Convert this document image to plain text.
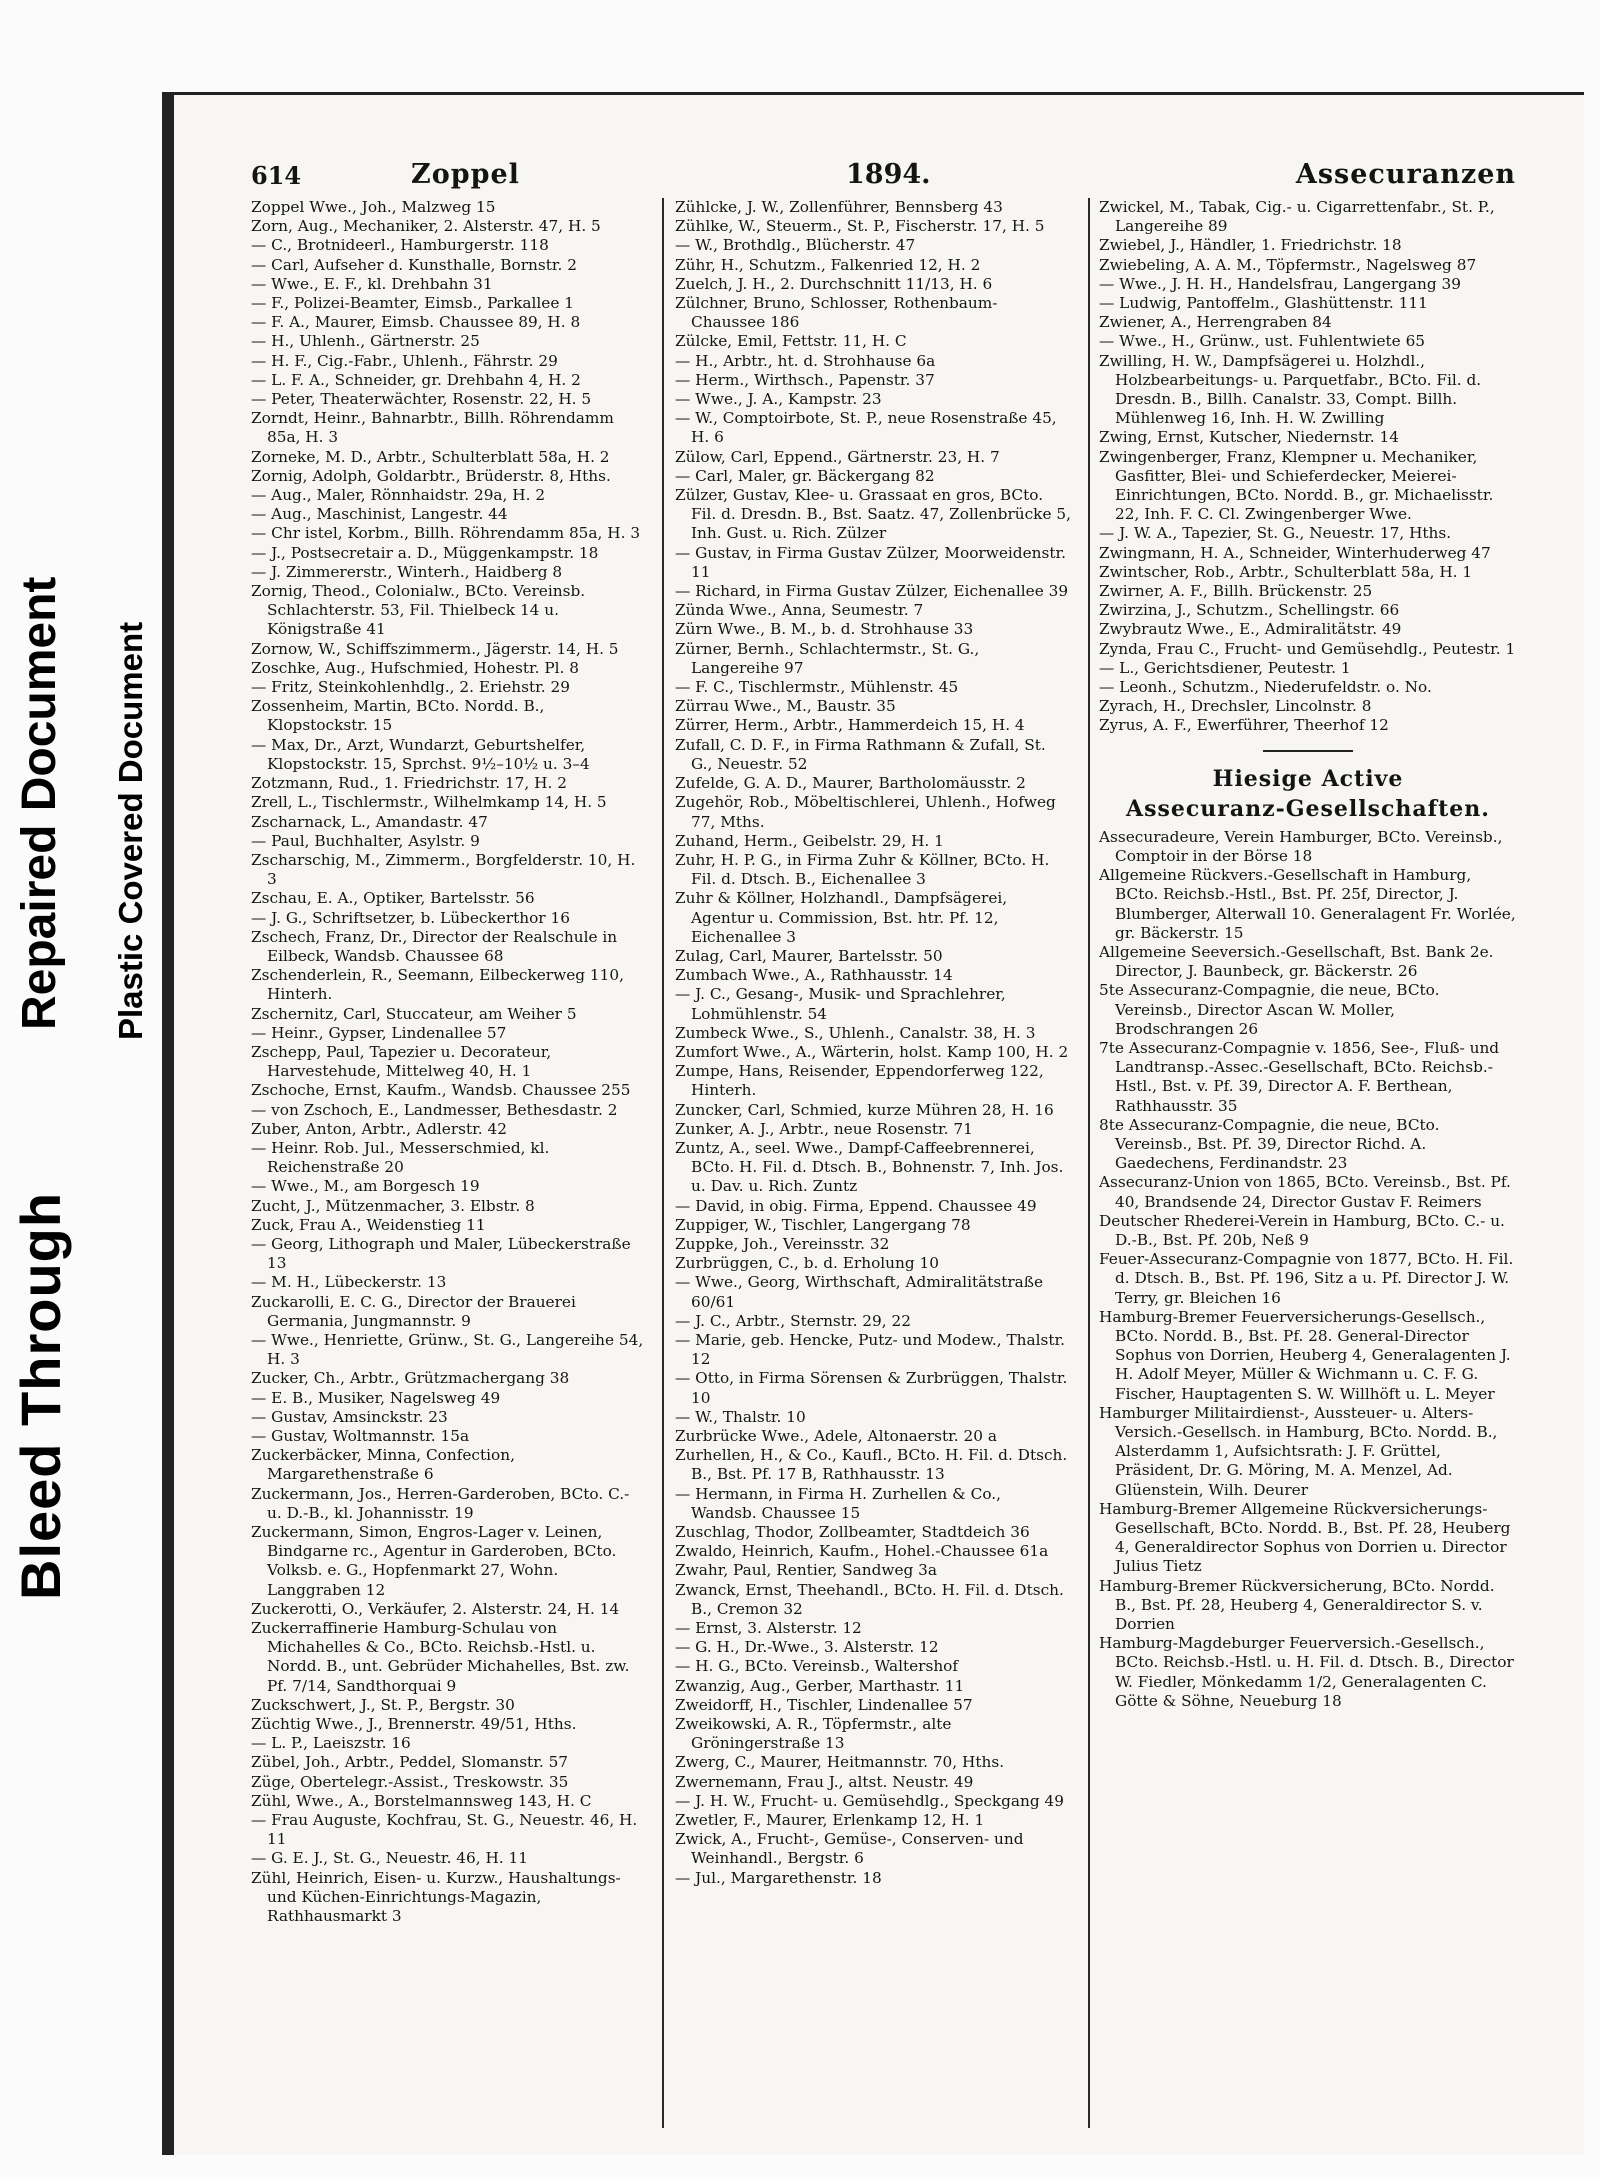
Bleed Through
Repaired Document Plastic Covered Document
614	Zoppel	1894.	Assecuranzen

Zoppel Wwe., Joh., Malzweg 15

Zorn, Aug., Mechaniker, 2. Alsterstr. 47, H. 5

— C., Brotnideerl., Hamburgerstr. 118

— Carl, Aufseher d. Kunsthalle, Bornstr. 2

— Wwe., E. F., kl. Drehbahn 31

— F., Polizei-Beamter, Eimsb., Parkallee 1

— F. A., Maurer, Eimsb. Chaussee 89, H. 8

— H., Uhlenh., Gärtnerstr. 25

— H. F., Cig.-Fabr., Uhlenh., Fährstr. 29

— L. F. A., Schneider, gr. Drehbahn 4, H. 2

— Peter, Theaterwächter, Rosenstr. 22, H. 5

Zorndt, Heinr., Bahnarbtr., Billh. Röhrendamm 85a, H. 3

Zorneke, M. D., Arbtr., Schulterblatt 58a, H. 2

Zornig, Adolph, Goldarbtr., Brüderstr. 8, Hths.

— Aug., Maler, Rönnhaidstr. 29a, H. 2

— Aug., Maschinist, Langestr. 44

— Chr istel, Korbm., Billh. Röhrendamm 85a, H. 3

— J., Postsecretair a. D., Müggenkampstr. 18

— J. Zimmererstr., Winterh., Haidberg 8

Zornig, Theod., Colonialw., BCto. Vereinsb. Schlachterstr. 53, Fil. Thielbeck 14 u. Königstraße 41

Zornow, W., Schiffszimmerm., Jägerstr. 14, H. 5

Zoschke, Aug., Hufschmied, Hohestr. Pl. 8

— Fritz, Steinkohlenhdlg., 2. Eriehstr. 29

Zossenheim, Martin, BCto. Nordd. B., Klopstockstr. 15

— Max, Dr., Arzt, Wundarzt, Geburtshelfer, Klopstockstr. 15, Sprchst. 9½–10½ u. 3–4

Zotzmann, Rud., 1. Friedrichstr. 17, H. 2

Zrell, L., Tischlermstr., Wilhelmkamp 14, H. 5

Zscharnack, L., Amandastr. 47

— Paul, Buchhalter, Asylstr. 9

Zscharschig, M., Zimmerm., Borgfelderstr. 10, H. 3

Zschau, E. A., Optiker, Bartelsstr. 56

— J. G., Schriftsetzer, b. Lübeckerthor 16

Zschech, Franz, Dr., Director der Realschule in Eilbeck, Wandsb. Chaussee 68

Zschenderlein, R., Seemann, Eilbeckerweg 110, Hinterh.

Zschernitz, Carl, Stuccateur, am Weiher 5

— Heinr., Gypser, Lindenallee 57

Zschepp, Paul, Tapezier u. Decorateur, Harvestehude, Mittelweg 40, H. 1

Zschoche, Ernst, Kaufm., Wandsb. Chaussee 255

— von Zschoch, E., Landmesser, Bethesdastr. 2

Zuber, Anton, Arbtr., Adlerstr. 42

— Heinr. Rob. Jul., Messerschmied, kl. Reichenstraße 20

— Wwe., M., am Borgesch 19

Zucht, J., Mützenmacher, 3. Elbstr. 8

Zuck, Frau A., Weidenstieg 11

— Georg, Lithograph und Maler, Lübeckerstraße 13

— M. H., Lübeckerstr. 13

Zuckarolli, E. C. G., Director der Brauerei Germania, Jungmannstr. 9

— Wwe., Henriette, Grünw., St. G., Langereihe 54, H. 3

Zucker, Ch., Arbtr., Grützmachergang 38

— E. B., Musiker, Nagelsweg 49

— Gustav, Amsinckstr. 23

— Gustav, Woltmannstr. 15a

Zuckerbäcker, Minna, Confection, Margarethenstraße 6

Zuckermann, Jos., Herren-Garderoben, BCto. C.- u. D.-B., kl. Johannisstr. 19

Zuckermann, Simon, Engros-Lager v. Leinen, Bindgarne rc., Agentur in Garderoben, BCto. Volksb. e. G., Hopfenmarkt 27, Wohn. Langgraben 12

Zuckerotti, O., Verkäufer, 2. Alsterstr. 24, H. 14

Zuckerraffinerie Hamburg-Schulau von Michahelles & Co., BCto. Reichsb.-Hstl. u. Nordd. B., unt. Gebrüder Michahelles, Bst. zw. Pf. 7/14, Sandthorquai 9

Zuckschwert, J., St. P., Bergstr. 30

Züchtig Wwe., J., Brennerstr. 49/51, Hths.

— L. P., Laeiszstr. 16

Zübel, Joh., Arbtr., Peddel, Slomanstr. 57

Züge, Obertelegr.-Assist., Treskowstr. 35

Zühl, Wwe., A., Borstelmannsweg 143, H. C

— Frau Auguste, Kochfrau, St. G., Neuestr. 46, H. 11

— G. E. J., St. G., Neuestr. 46, H. 11

Zühl, Heinrich, Eisen- u. Kurzw., Haushaltungs- und Küchen-Einrichtungs-Magazin, Rathhausmarkt 3

Zühlcke, J. W., Zollenführer, Bennsberg 43

Zühlke, W., Steuerm., St. P., Fischerstr. 17, H. 5

— W., Brothdlg., Blücherstr. 47

Zühr, H., Schutzm., Falkenried 12, H. 2

Zuelch, J. H., 2. Durchschnitt 11/13, H. 6

Zülchner, Bruno, Schlosser, Rothenbaum-Chaussee 186

Zülcke, Emil, Fettstr. 11, H. C

— H., Arbtr., ht. d. Strohhause 6a

— Herm., Wirthsch., Papenstr. 37

— Wwe., J. A., Kampstr. 23

— W., Comptoirbote, St. P., neue Rosenstraße 45, H. 6

Zülow, Carl, Eppend., Gärtnerstr. 23, H. 7

— Carl, Maler, gr. Bäckergang 82

Zülzer, Gustav, Klee- u. Grassaat en gros, BCto. Fil. d. Dresdn. B., Bst. Saatz. 47, Zollenbrücke 5, Inh. Gust. u. Rich. Zülzer

— Gustav, in Firma Gustav Zülzer, Moorweidenstr. 11

— Richard, in Firma Gustav Zülzer, Eichenallee 39

Zünda Wwe., Anna, Seumestr. 7

Zürn Wwe., B. M., b. d. Strohhause 33

Zürner, Bernh., Schlachtermstr., St. G., Langereihe 97

— F. C., Tischlermstr., Mühlenstr. 45

Zürrau Wwe., M., Baustr. 35

Zürrer, Herm., Arbtr., Hammerdeich 15, H. 4

Zufall, C. D. F., in Firma Rathmann & Zufall, St. G., Neuestr. 52

Zufelde, G. A. D., Maurer, Bartholomäusstr. 2

Zugehör, Rob., Möbeltischlerei, Uhlenh., Hofweg 77, Mths.

Zuhand, Herm., Geibelstr. 29, H. 1

Zuhr, H. P. G., in Firma Zuhr & Köllner, BCto. H. Fil. d. Dtsch. B., Eichenallee 3

Zuhr & Köllner, Holzhandl., Dampfsägerei, Agentur u. Commission, Bst. htr. Pf. 12, Eichenallee 3

Zulag, Carl, Maurer, Bartelsstr. 50

Zumbach Wwe., A., Rathhausstr. 14

— J. C., Gesang-, Musik- und Sprachlehrer, Lohmühlenstr. 54

Zumbeck Wwe., S., Uhlenh., Canalstr. 38, H. 3

Zumfort Wwe., A., Wärterin, holst. Kamp 100, H. 2

Zumpe, Hans, Reisender, Eppendorferweg 122, Hinterh.

Zuncker, Carl, Schmied, kurze Mühren 28, H. 16

Zunker, A. J., Arbtr., neue Rosenstr. 71

Zuntz, A., seel. Wwe., Dampf-Caffeebrennerei, BCto. H. Fil. d. Dtsch. B., Bohnenstr. 7, Inh. Jos. u. Dav. u. Rich. Zuntz

— David, in obig. Firma, Eppend. Chaussee 49

Zuppiger, W., Tischler, Langergang 78

Zuppke, Joh., Vereinsstr. 32

Zurbrüggen, C., b. d. Erholung 10

— Wwe., Georg, Wirthschaft, Admiralitätstraße 60/61

— J. C., Arbtr., Sternstr. 29, 22

— Marie, geb. Hencke, Putz- und Modew., Thalstr. 12

— Otto, in Firma Sörensen & Zurbrüggen, Thalstr. 10

— W., Thalstr. 10

Zurbrücke Wwe., Adele, Altonaerstr. 20 a

Zurhellen, H., & Co., Kaufl., BCto. H. Fil. d. Dtsch. B., Bst. Pf. 17 B, Rathhausstr. 13

— Hermann, in Firma H. Zurhellen & Co., Wandsb. Chaussee 15

Zuschlag, Thodor, Zollbeamter, Stadtdeich 36

Zwaldo, Heinrich, Kaufm., Hohel.-Chaussee 61a

Zwahr, Paul, Rentier, Sandweg 3a

Zwanck, Ernst, Theehandl., BCto. H. Fil. d. Dtsch. B., Cremon 32

— Ernst, 3. Alsterstr. 12

— G. H., Dr.-Wwe., 3. Alsterstr. 12

— H. G., BCto. Vereinsb., Waltershof

Zwanzig, Aug., Gerber, Marthastr. 11

Zweidorff, H., Tischler, Lindenallee 57

Zweikowski, A. R., Töpfermstr., alte Gröningerstraße 13

Zwerg, C., Maurer, Heitmannstr. 70, Hths.

Zwernemann, Frau J., altst. Neustr. 49

— J. H. W., Frucht- u. Gemüsehdlg., Speckgang 49

Zwetler, F., Maurer, Erlenkamp 12, H. 1

Zwick, A., Frucht-, Gemüse-, Conserven- und Weinhandl., Bergstr. 6

— Jul., Margarethenstr. 18

Zwickel, M., Tabak, Cig.- u. Cigarrettenfabr., St. P., Langereihe 89

Zwiebel, J., Händler, 1. Friedrichstr. 18

Zwiebeling, A. A. M., Töpfermstr., Nagelsweg 87

— Wwe., J. H. H., Handelsfrau, Langergang 39

— Ludwig, Pantoffelm., Glashüttenstr. 111

Zwiener, A., Herrengraben 84

— Wwe., H., Grünw., ust. Fuhlentwiete 65

Zwilling, H. W., Dampfsägerei u. Holzhdl., Holzbearbeitungs- u. Parquetfabr., BCto. Fil. d. Dresdn. B., Billh. Canalstr. 33, Compt. Billh. Mühlenweg 16, Inh. H. W. Zwilling

Zwing, Ernst, Kutscher, Niedernstr. 14

Zwingenberger, Franz, Klempner u. Mechaniker, Gasfitter, Blei- und Schieferdecker, Meierei-Einrichtungen, BCto. Nordd. B., gr. Michaelisstr. 22, Inh. F. C. Cl. Zwingenberger Wwe.

— J. W. A., Tapezier, St. G., Neuestr. 17, Hths.

Zwingmann, H. A., Schneider, Winterhuderweg 47

Zwintscher, Rob., Arbtr., Schulterblatt 58a, H. 1

Zwirner, A. F., Billh. Brückenstr. 25

Zwirzina, J., Schutzm., Schellingstr. 66

Zwybrautz Wwe., E., Admiralitätstr. 49

Zynda, Frau C., Frucht- und Gemüsehdlg., Peutestr. 1

— L., Gerichtsdiener, Peutestr. 1

— Leonh., Schutzm., Niederufeldstr. o. No.

Zyrach, H., Drechsler, Lincolnstr. 8

Zyrus, A. F., Ewerführer, Theerhof 12

Hiesige Active
Assecuranz-Gesellschaften.

Assecuradeure, Verein Hamburger, BCto. Vereinsb., Comptoir in der Börse 18

Allgemeine Rückvers.-Gesellschaft in Hamburg, BCto. Reichsb.-Hstl., Bst. Pf. 25f, Director, J. Blumberger, Alterwall 10. Generalagent Fr. Worlée, gr. Bäckerstr. 15

Allgemeine Seeversich.-Gesellschaft, Bst. Bank 2e. Director, J. Baunbeck, gr. Bäckerstr. 26

5te Assecuranz-Compagnie, die neue, BCto. Vereinsb., Director Ascan W. Moller, Brodschrangen 26

7te Assecuranz-Compagnie v. 1856, See-, Fluß- und Landtransp.-Assec.-Gesellschaft, BCto. Reichsb.-Hstl., Bst. v. Pf. 39, Director A. F. Berthean, Rathhausstr. 35

8te Assecuranz-Compagnie, die neue, BCto. Vereinsb., Bst. Pf. 39, Director Richd. A. Gaedechens, Ferdinandstr. 23

Assecuranz-Union von 1865, BCto. Vereinsb., Bst. Pf. 40, Brandsende 24, Director Gustav F. Reimers

Deutscher Rhederei-Verein in Hamburg, BCto. C.- u. D.-B., Bst. Pf. 20b, Neß 9

Feuer-Assecuranz-Compagnie von 1877, BCto. H. Fil. d. Dtsch. B., Bst. Pf. 196, Sitz a u. Pf. Director J. W. Terry, gr. Bleichen 16

Hamburg-Bremer Feuerversicherungs-Gesellsch., BCto. Nordd. B., Bst. Pf. 28. General-Director Sophus von Dorrien, Heuberg 4, Generalagenten J. H. Adolf Meyer, Müller & Wichmann u. C. F. G. Fischer, Hauptagenten S. W. Willhöft u. L. Meyer

Hamburger Militairdienst-, Aussteuer- u. Alters-Versich.-Gesellsch. in Hamburg, BCto. Nordd. B., Alsterdamm 1, Aufsichtsrath: J. F. Grüttel, Präsident, Dr. G. Möring, M. A. Menzel, Ad. Glüenstein, Wilh. Deurer

Hamburg-Bremer Allgemeine Rückversicherungs-Gesellschaft, BCto. Nordd. B., Bst. Pf. 28, Heuberg 4, Generaldirector Sophus von Dorrien u. Director Julius Tietz

Hamburg-Bremer Rückversicherung, BCto. Nordd. B., Bst. Pf. 28, Heuberg 4, Generaldirector S. v. Dorrien

Hamburg-Magdeburger Feuerversich.-Gesellsch., BCto. Reichsb.-Hstl. u. H. Fil. d. Dtsch. B., Director W. Fiedler, Mönkedamm 1/2, Generalagenten C. Götte & Söhne, Neueburg 18
